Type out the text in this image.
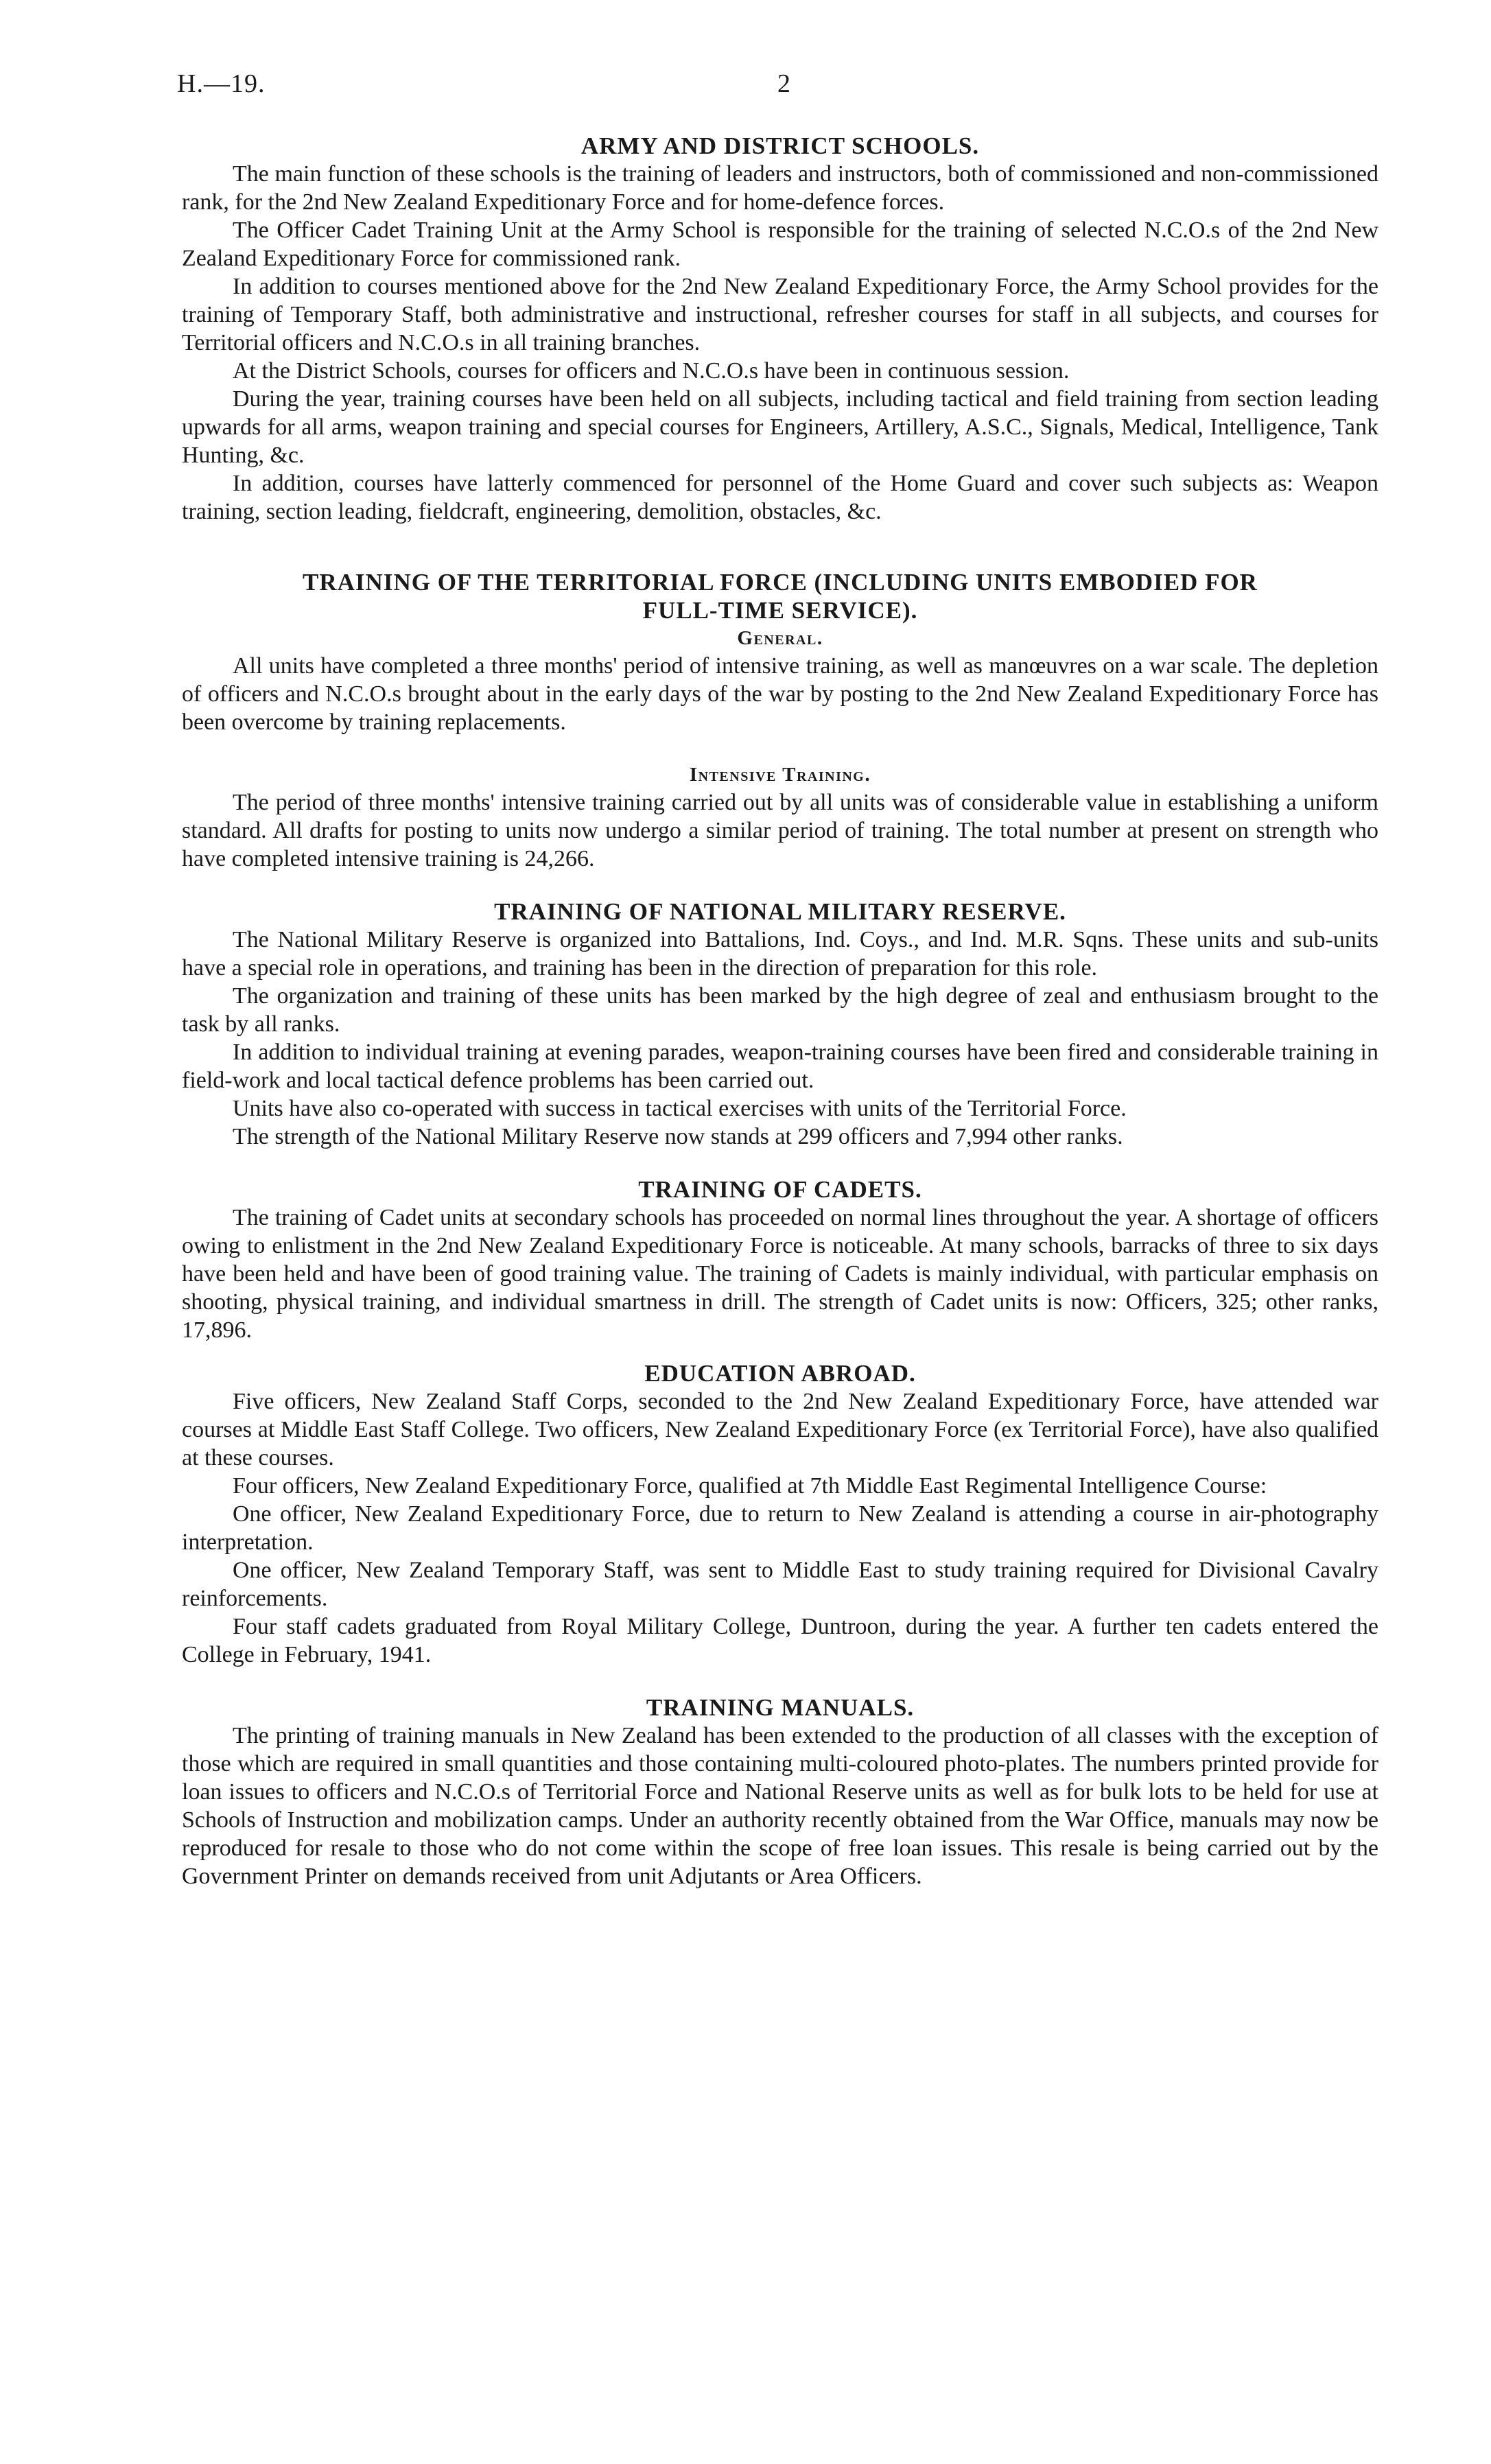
H.—19.	2
ARMY AND DISTRICT SCHOOLS.

The main function of these schools is the training of leaders and instructors, both of commissioned and non-commissioned rank, for the 2nd New Zealand Expeditionary Force and for home-defence forces.

The Officer Cadet Training Unit at the Army School is responsible for the training of selected N.C.O.s of the 2nd New Zealand Expeditionary Force for commissioned rank.

In addition to courses mentioned above for the 2nd New Zealand Expeditionary Force, the Army School provides for the training of Temporary Staff, both administrative and instructional, refresher courses for staff in all subjects, and courses for Territorial officers and N.C.O.s in all training branches.

At the District Schools, courses for officers and N.C.O.s have been in continuous session.

During the year, training courses have been held on all subjects, including tactical and field training from section leading upwards for all arms, weapon training and special courses for Engineers, Artillery, A.S.C., Signals, Medical, Intelligence, Tank Hunting, &c.

In addition, courses have latterly commenced for personnel of the Home Guard and cover such subjects as: Weapon training, section leading, fieldcraft, engineering, demolition, obstacles, &c.

TRAINING OF THE TERRITORIAL FORCE (INCLUDING UNITS EMBODIED FOR
FULL-TIME SERVICE).
General.

All units have completed a three months' period of intensive training, as well as manœuvres on a war scale. The depletion of officers and N.C.O.s brought about in the early days of the war by posting to the 2nd New Zealand Expeditionary Force has been overcome by training replacements.

Intensive Training.

The period of three months' intensive training carried out by all units was of considerable value in establishing a uniform standard. All drafts for posting to units now undergo a similar period of training. The total number at present on strength who have completed intensive training is 24,266.

TRAINING OF NATIONAL MILITARY RESERVE.

The National Military Reserve is organized into Battalions, Ind. Coys., and Ind. M.R. Sqns. These units and sub-units have a special role in operations, and training has been in the direction of preparation for this role.

The organization and training of these units has been marked by the high degree of zeal and enthusiasm brought to the task by all ranks.

In addition to individual training at evening parades, weapon-training courses have been fired and considerable training in field-work and local tactical defence problems has been carried out.

Units have also co-operated with success in tactical exercises with units of the Territorial Force.

The strength of the National Military Reserve now stands at 299 officers and 7,994 other ranks.

TRAINING OF CADETS.

The training of Cadet units at secondary schools has proceeded on normal lines throughout the year. A shortage of officers owing to enlistment in the 2nd New Zealand Expeditionary Force is noticeable. At many schools, barracks of three to six days have been held and have been of good training value. The training of Cadets is mainly individual, with particular emphasis on shooting, physical training, and individual smartness in drill. The strength of Cadet units is now: Officers, 325; other ranks, 17,896.

EDUCATION ABROAD.

Five officers, New Zealand Staff Corps, seconded to the 2nd New Zealand Expeditionary Force, have attended war courses at Middle East Staff College. Two officers, New Zealand Expeditionary Force (ex Territorial Force), have also qualified at these courses.

Four officers, New Zealand Expeditionary Force, qualified at 7th Middle East Regimental Intelligence Course:

One officer, New Zealand Expeditionary Force, due to return to New Zealand is attending a course in air-photography interpretation.

One officer, New Zealand Temporary Staff, was sent to Middle East to study training required for Divisional Cavalry reinforcements.

Four staff cadets graduated from Royal Military College, Duntroon, during the year. A further ten cadets entered the College in February, 1941.

TRAINING MANUALS.

The printing of training manuals in New Zealand has been extended to the production of all classes with the exception of those which are required in small quantities and those containing multi-coloured photo-plates. The numbers printed provide for loan issues to officers and N.C.O.s of Territorial Force and National Reserve units as well as for bulk lots to be held for use at Schools of Instruction and mobilization camps. Under an authority recently obtained from the War Office, manuals may now be reproduced for resale to those who do not come within the scope of free loan issues. This resale is being carried out by the Government Printer on demands received from unit Adjutants or Area Officers.
